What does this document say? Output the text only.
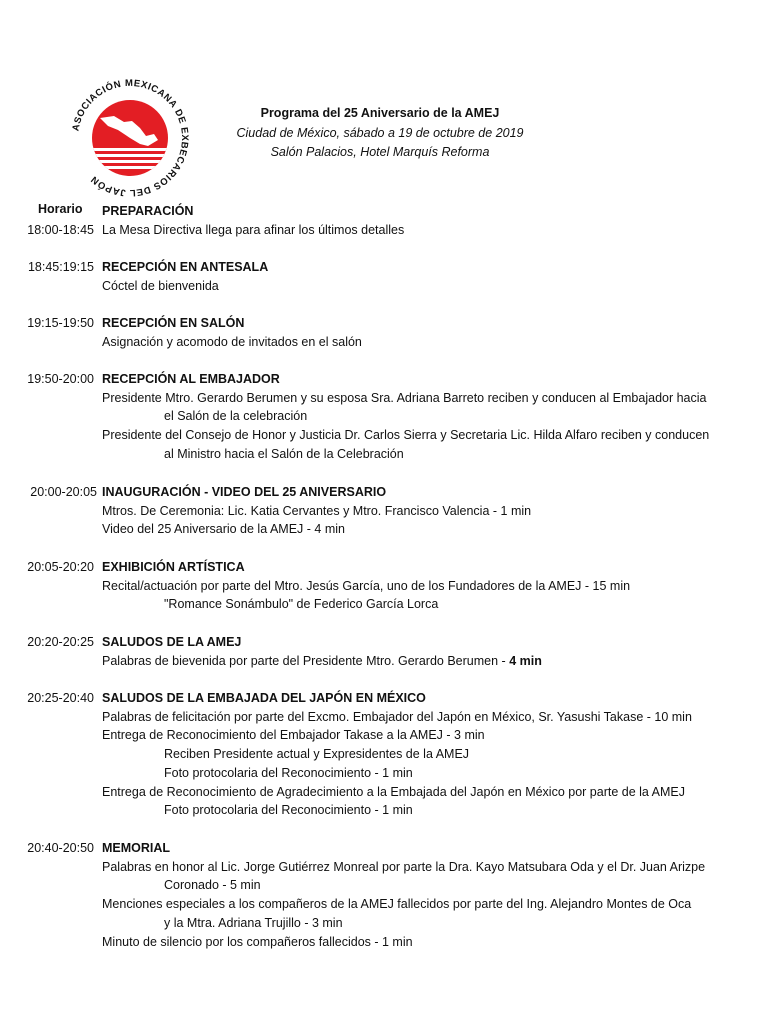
ASOCIACIÓN MEXICANA DE EXBECARIOS DEL JAPÓN
Programa del 25 Aniversario de la AMEJ
Ciudad de México, sábado a 19 de octubre de 2019
Salón Palacios, Hotel Marquís Reforma
Horario
18:00-18:45
PREPARACIÓN
La Mesa Directiva llega para afinar los últimos detalles
18:45:19:15 RECEPCIÓN EN ANTESALA
Cóctel de bienvenida
19:15-19:50 RECEPCIÓN EN SALÓN
Asignación y acomodo de invitados en el salón
19:50-20:00 RECEPCIÓN AL EMBAJADOR
Presidente Mtro. Gerardo Berumen y su esposa Sra. Adriana Barreto reciben y conducen al Embajador hacia
el Salón de la celebración
Presidente del Consejo de Honor y Justicia Dr. Carlos Sierra y Secretaria Lic. Hilda Alfaro reciben y conducen
al Ministro hacia el Salón de la Celebración
20:00-20:05 INAUGURACIÓN - VIDEO DEL 25 ANIVERSARIO
Mtros. De Ceremonia: Lic. Katia Cervantes y Mtro. Francisco Valencia - 1 min
Video del 25 Aniversario de la AMEJ - 4 min
20:05-20:20 EXHIBICIÓN ARTÍSTICA
Recital/actuación por parte del Mtro. Jesús García, uno de los Fundadores de la AMEJ - 15 min
"Romance Sonámbulo" de Federico García Lorca
20:20-20:25 SALUDOS DE LA AMEJ
Palabras de bievenida por parte del Presidente Mtro. Gerardo Berumen - 4 min
20:25-20:40 SALUDOS DE LA EMBAJADA DEL JAPÓN EN MÉXICO
Palabras de felicitación por parte del Excmo. Embajador del Japón en México, Sr. Yasushi Takase - 10 min
Entrega de Reconocimiento del Embajador Takase a la AMEJ - 3 min
Reciben Presidente actual y Expresidentes de la AMEJ
Foto protocolaria del Reconocimiento - 1 min
Entrega de Reconocimiento de Agradecimiento a la Embajada del Japón en México por parte de la AMEJ
Foto protocolaria del Reconocimiento - 1 min
20:40-20:50 MEMORIAL
Palabras en honor al Lic. Jorge Gutiérrez Monreal por parte la Dra. Kayo Matsubara Oda y el Dr. Juan Arizpe
Coronado - 5 min
Menciones especiales a los compañeros de la AMEJ fallecidos por parte del Ing. Alejandro Montes de Oca
y la Mtra. Adriana Trujillo - 3 min
Minuto de silencio por los compañeros fallecidos - 1 min
